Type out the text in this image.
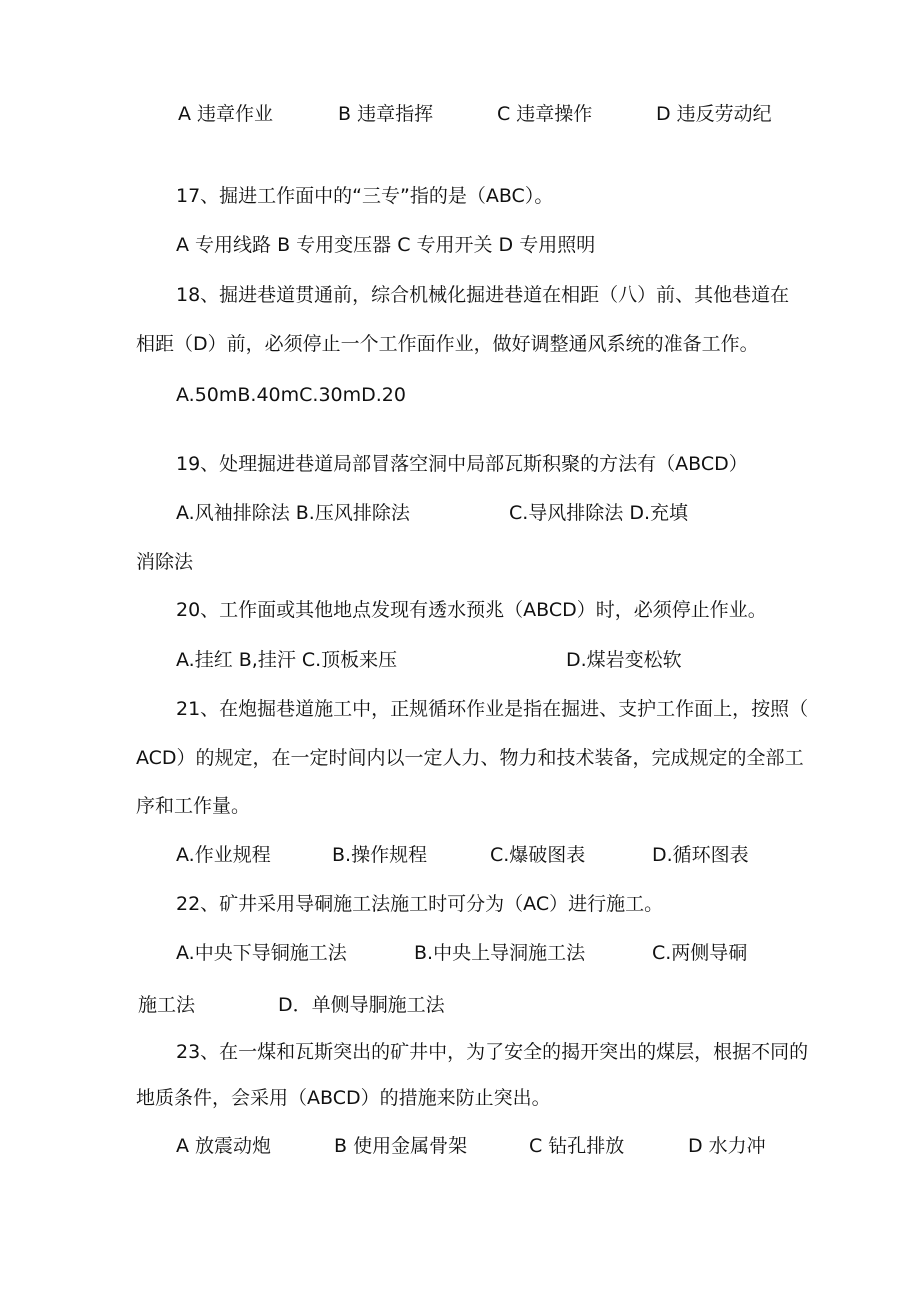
A 违章作业	B 违章指挥	C 违章操作	D 违反劳动纪
17、掘进工作面中的“三专”指的是（ABC）。
A 专用线路 B 专用变压器 C 专用开关 D 专用照明
18、掘进巷道贯通前，综合机械化掘进巷道在相距（八）前、其他巷道在
相距（D）前，必须停止一个工作面作业，做好调整通风系统的准备工作。
A.50mB.40mC.30mD.20
19、处理掘进巷道局部冒落空洞中局部瓦斯积聚的方法有（ABCD）
A.风袖排除法 B.压风排除法	C.导风排除法 D.充填
消除法
20、工作面或其他地点发现有透水预兆（ABCD）时，必须停止作业。
A.挂红 B,挂汗 C.顶板来压	D.煤岩变松软
21、在炮掘巷道施工中，正规循环作业是指在掘进、支护工作面上，按照（
ACD）的规定，在一定时间内以一定人力、物力和技术装备，完成规定的全部工
序和工作量。
A.作业规程	B.操作规程	C.爆破图表	D.循环图表
22、矿井采用导硐施工法施工时可分为（AC）进行施工。
A.中央下导铜施工法	B.中央上导洞施工法	C.两侧导硐
施工法	D．单侧导胴施工法
23、在一煤和瓦斯突出的矿井中，为了安全的揭开突出的煤层，根据不同的
地质条件，会采用（ABCD）的措施来防止突出。
A 放震动炮	B 使用金属骨架	C 钻孔排放	D 水力冲
